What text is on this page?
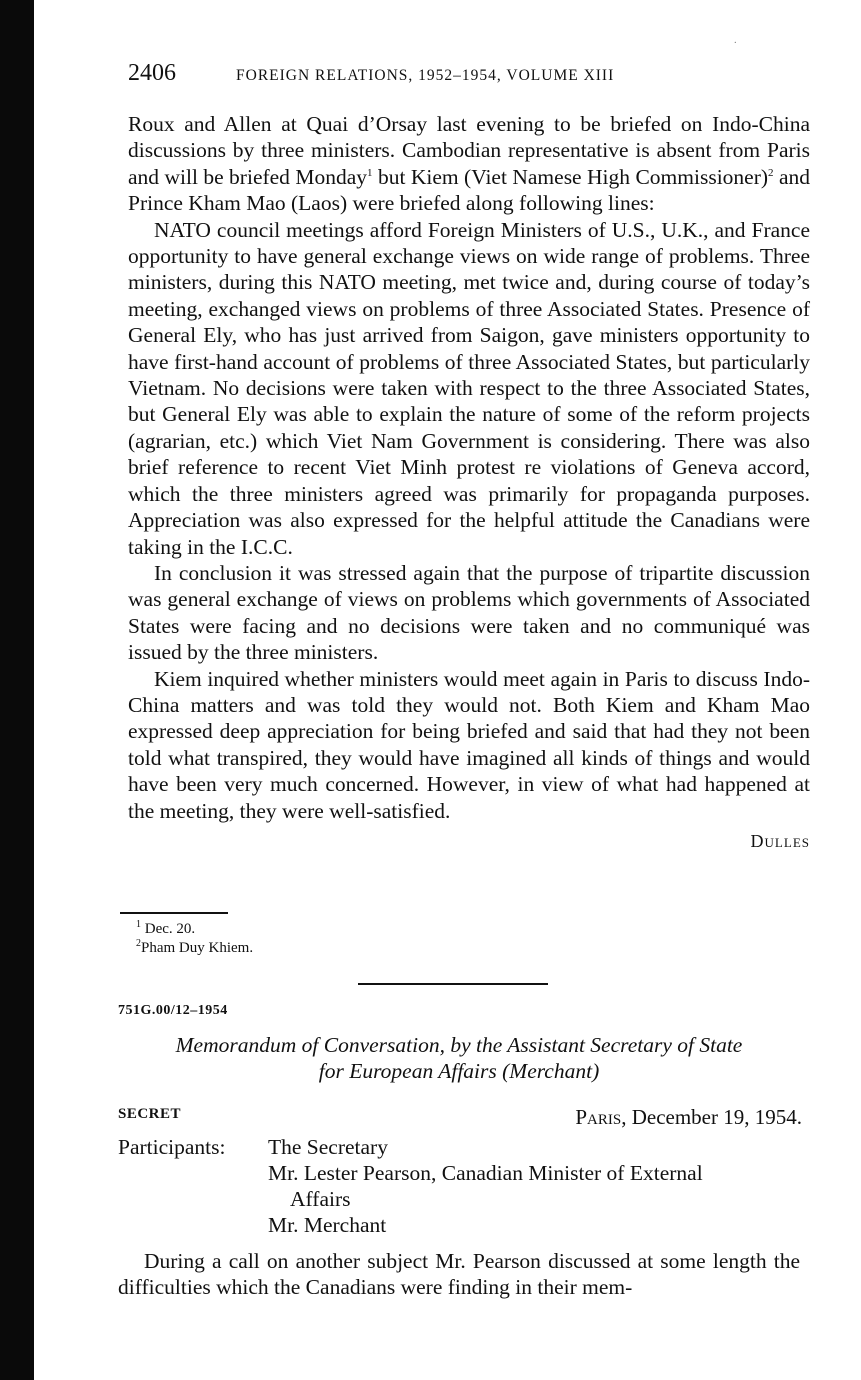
·
2406	FOREIGN RELATIONS, 1952–1954, VOLUME XIII

Roux and Allen at Quai d’Orsay last evening to be briefed on Indo-China discussions by three ministers. Cambodian representative is absent from Paris and will be briefed Monday$^1$ but Kiem (Viet Namese High Commissioner)$^2$ and Prince Kham Mao (Laos) were briefed along following lines:

NATO council meetings afford Foreign Ministers of U.S., U.K., and France opportunity to have general exchange views on wide range of problems. Three ministers, during this NATO meeting, met twice and, during course of today’s meeting, exchanged views on problems of three Associated States. Presence of General Ely, who has just arrived from Saigon, gave ministers opportunity to have first-hand account of problems of three Associated States, but particularly Vietnam. No decisions were taken with respect to the three Associated States, but General Ely was able to explain the nature of some of the reform projects (agrarian, etc.) which Viet Nam Government is considering. There was also brief reference to recent Viet Minh protest re violations of Geneva accord, which the three ministers agreed was primarily for propaganda purposes. Appreciation was also expressed for the helpful attitude the Canadians were taking in the I.C.C.

In conclusion it was stressed again that the purpose of tripartite discussion was general exchange of views on problems which governments of Associated States were facing and no decisions were taken and no communiqué was issued by the three ministers.

Kiem inquired whether ministers would meet again in Paris to discuss Indo-China matters and was told they would not. Both Kiem and Kham Mao expressed deep appreciation for being briefed and said that had they not been told what transpired, they would have imagined all kinds of things and would have been very much concerned. However, in view of what had happened at the meeting, they were well-satisfied.

Dulles
$^1$ Dec. 20.
$^2$Pham Duy Khiem.
751G.00/12–1954
Memorandum of Conversation, by the Assistant Secretary of State
for European Affairs (Merchant)
SECRET	Paris, December 19, 1954.
Participants: The Secretary
Mr. Lester Pearson, Canadian Minister of External
Affairs
Mr. Merchant

During a call on another subject Mr. Pearson discussed at some length the difficulties which the Canadians were finding in their mem-
